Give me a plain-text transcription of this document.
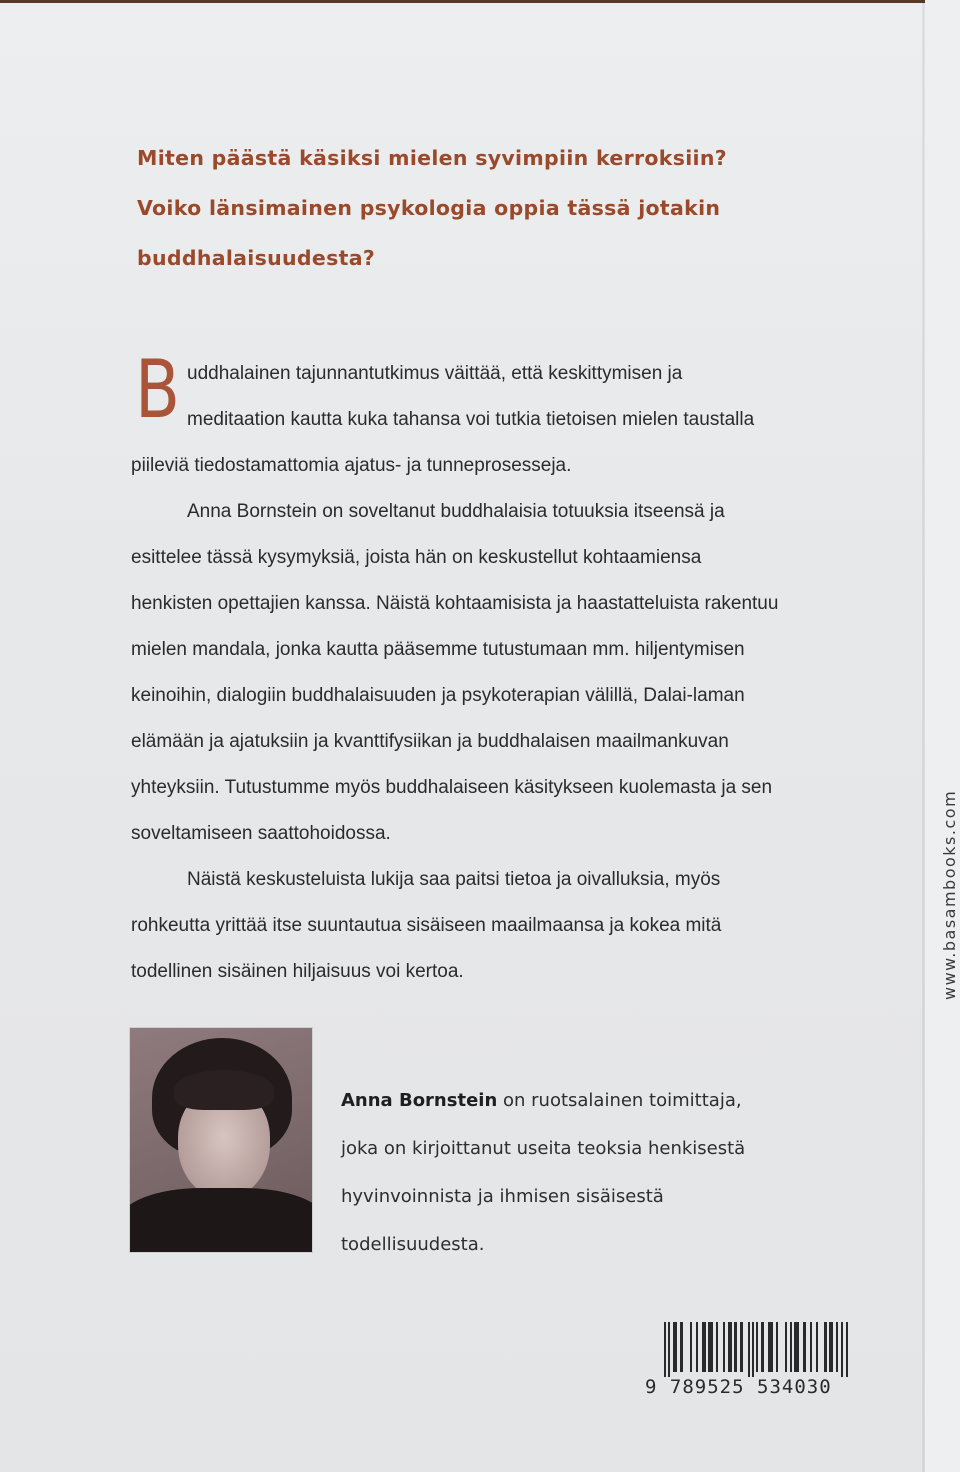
www.basambooks.com
Miten päästä käsiksi mielen syvimpiin kerroksiin?
Voiko länsimainen psykologia oppia tässä jotakin
buddhalaisuudesta?
B uddhalainen tajunnantutkimus väittää, että keskittymisen ja
meditaation kautta kuka tahansa voi tutkia tietoisen mielen taustalla
piileviä tiedostamattomia ajatus- ja tunneprosesseja.
Anna Bornstein on soveltanut buddhalaisia totuuksia itseensä ja
esittelee tässä kysymyksiä, joista hän on keskustellut kohtaamiensa
henkisten opettajien kanssa. Näistä kohtaamisista ja haastatteluista rakentuu
mielen mandala, jonka kautta pääsemme tutustumaan mm. hiljentymisen
keinoihin, dialogiin buddhalaisuuden ja psykoterapian välillä, Dalai-laman
elämään ja ajatuksiin ja kvanttifysiikan ja buddhalaisen maailmankuvan
yhteyksiin. Tutustumme myös buddhalaiseen käsitykseen kuolemasta ja sen
soveltamiseen saattohoidossa.
Näistä keskusteluista lukija saa paitsi tietoa ja oivalluksia, myös
rohkeutta yrittää itse suuntautua sisäiseen maailmaansa ja kokea mitä
todellinen sisäinen hiljaisuus voi kertoa.
Anna Bornstein on ruotsalainen toimittaja,
joka on kirjoittanut useita teoksia henkisestä
hyvinvoinnista ja ihmisen sisäisestä
todellisuudesta.
9 789525 534030
